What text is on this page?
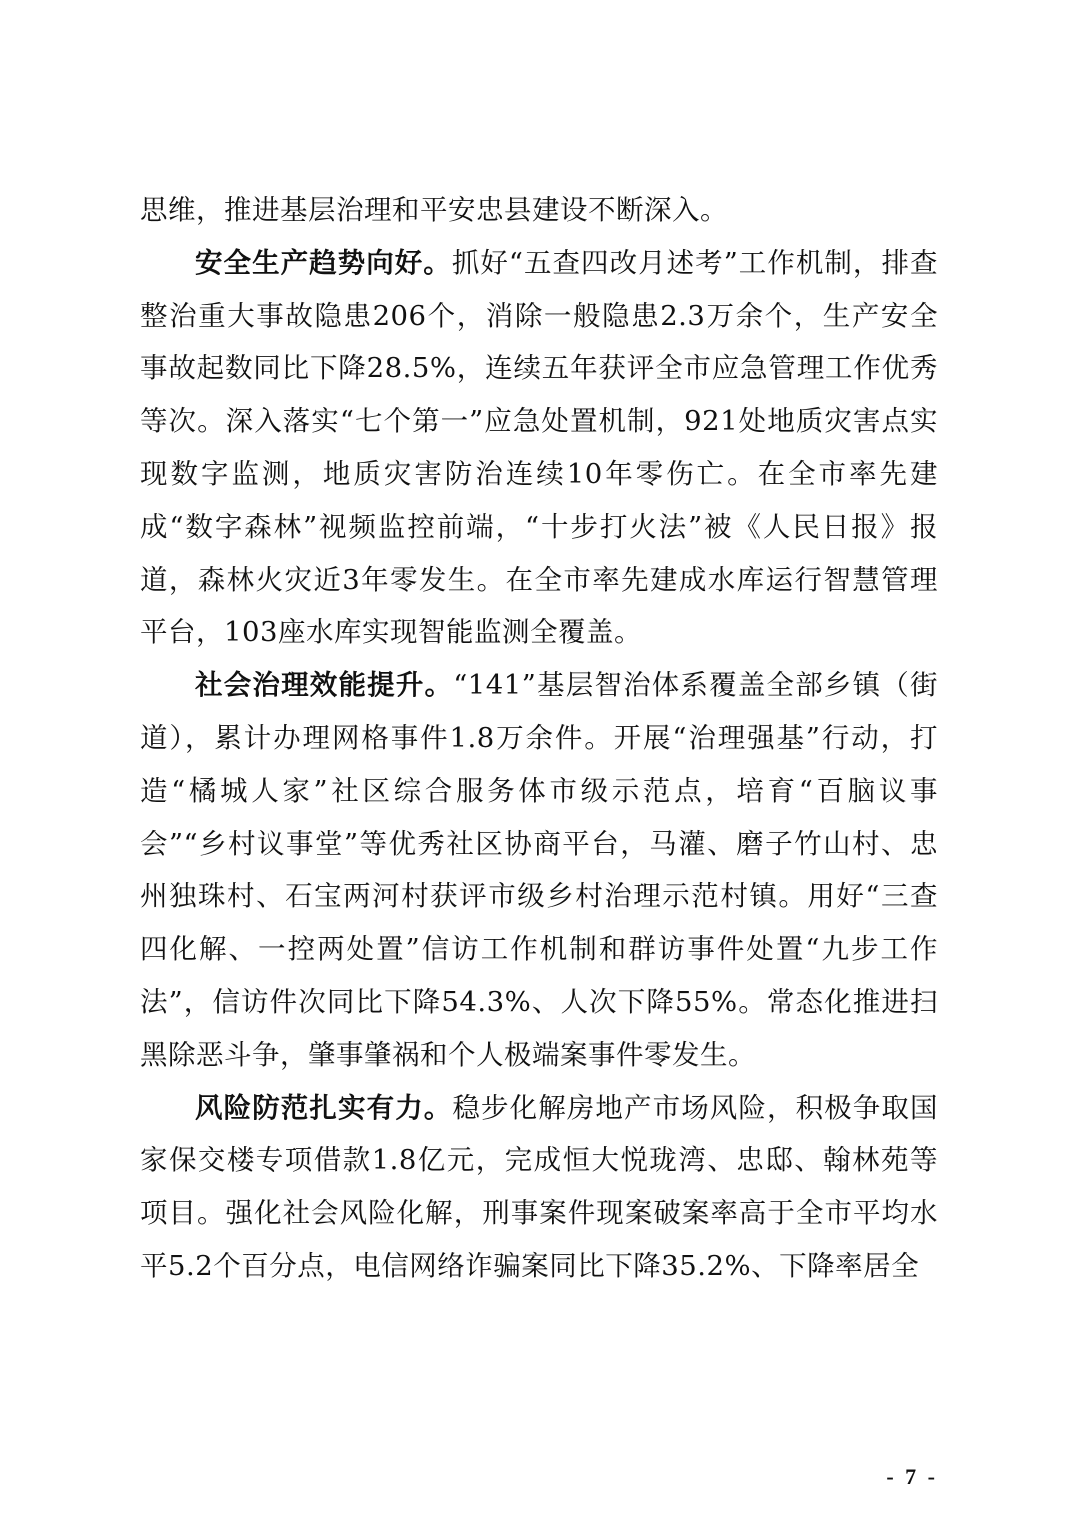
思维，推进基层治理和平安忠县建设不断深入。

安全生产趋势向好。抓好“五查四改月述考”工作机制，排查整治重大事故隐患206个，消除一般隐患2.3万余个，生产安全事故起数同比下降28.5%，连续五年获评全市应急管理工作优秀等次。深入落实“七个第一”应急处置机制，921处地质灾害点实现数字监测，地质灾害防治连续10年零伤亡。在全市率先建成“数字森林”视频监控前端，“十步打火法”被《人民日报》报道，森林火灾近3年零发生。在全市率先建成水库运行智慧管理平台，103座水库实现智能监测全覆盖。

社会治理效能提升。“141”基层智治体系覆盖全部乡镇（街道），累计办理网格事件1.8万余件。开展“治理强基”行动，打造“橘城人家”社区综合服务体市级示范点，培育“百脑议事会”“乡村议事堂”等优秀社区协商平台，马灌、磨子竹山村、忠州独珠村、石宝两河村获评市级乡村治理示范村镇。用好“三查四化解、一控两处置”信访工作机制和群访事件处置“九步工作法”，信访件次同比下降54.3%、人次下降55%。常态化推进扫黑除恶斗争，肇事肇祸和个人极端案事件零发生。

风险防范扎实有力。稳步化解房地产市场风险，积极争取国家保交楼专项借款1.8亿元，完成恒大悦珑湾、忠邸、翰林苑等项目。强化社会风险化解，刑事案件现案破案率高于全市平均水平5.2个百分点，电信网络诈骗案同比下降35.2%、下降率居全

- 7 -
